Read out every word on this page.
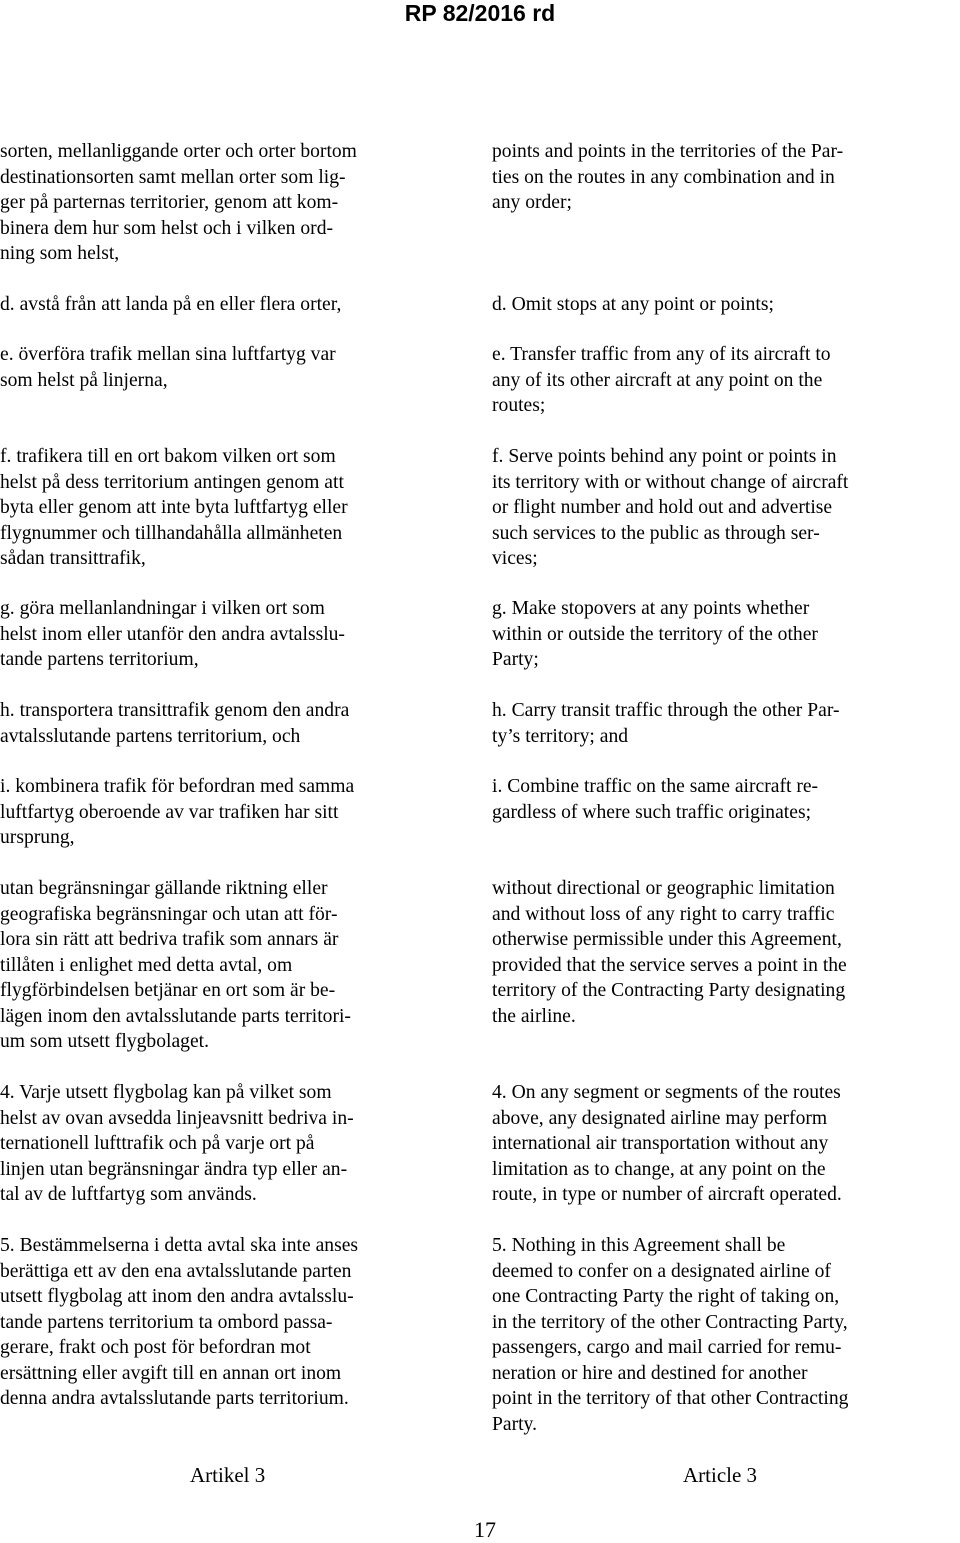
RP 82/2016 rd

sorten, mellanliggande orter och orter bortom
destinationsorten samt mellan orter som lig-
ger på parternas territorier, genom att kom-
binera dem hur som helst och i vilken ord-
ning som helst,

d. avstå från att landa på en eller flera orter,

e. överföra trafik mellan sina luftfartyg var
som helst på linjerna,

f. trafikera till en ort bakom vilken ort som
helst på dess territorium antingen genom att
byta eller genom att inte byta luftfartyg eller
flygnummer och tillhandahålla allmänheten
sådan transittrafik,

g. göra mellanlandningar i vilken ort som
helst inom eller utanför den andra avtalsslu-
tande partens territorium,

h. transportera transittrafik genom den andra
avtalsslutande partens territorium, och

i. kombinera trafik för befordran med samma
luftfartyg oberoende av var trafiken har sitt
ursprung,

utan begränsningar gällande riktning eller
geografiska begränsningar och utan att för-
lora sin rätt att bedriva trafik som annars är
tillåten i enlighet med detta avtal, om
flygförbindelsen betjänar en ort som är be-
lägen inom den avtalsslutande parts territori-
um som utsett flygbolaget.

4. Varje utsett flygbolag kan på vilket som
helst av ovan avsedda linjeavsnitt bedriva in-
ternationell lufttrafik och på varje ort på
linjen utan begränsningar ändra typ eller an-
tal av de luftfartyg som används.

5. Bestämmelserna i detta avtal ska inte anses
berättiga ett av den ena avtalsslutande parten
utsett flygbolag att inom den andra avtalsslu-
tande partens territorium ta ombord passa-
gerare, frakt och post för befordran mot
ersättning eller avgift till en annan ort inom
denna andra avtalsslutande parts territorium.

Artikel 3

points and points in the territories of the Par-
ties on the routes in any combination and in
any order;

d. Omit stops at any point or points;

e. Transfer traffic from any of its aircraft to
any of its other aircraft at any point on the
routes;

f. Serve points behind any point or points in
its territory with or without change of aircraft
or flight number and hold out and advertise
such services to the public as through ser-
vices;

g. Make stopovers at any points whether
within or outside the territory of the other
Party;

h. Carry transit traffic through the other Par-
ty’s territory; and

i. Combine traffic on the same aircraft re-
gardless of where such traffic originates;

without directional or geographic limitation
and without loss of any right to carry traffic
otherwise permissible under this Agreement,
provided that the service serves a point in the
territory of the Contracting Party designating
the airline.

4. On any segment or segments of the routes
above, any designated airline may perform
international air transportation without any
limitation as to change, at any point on the
route, in type or number of aircraft operated.

5. Nothing in this Agreement shall be
deemed to confer on a designated airline of
one Contracting Party the right of taking on,
in the territory of the other Contracting Party,
passengers, cargo and mail carried for remu-
neration or hire and destined for another
point in the territory of that other Contracting
Party.

Article 3
17
